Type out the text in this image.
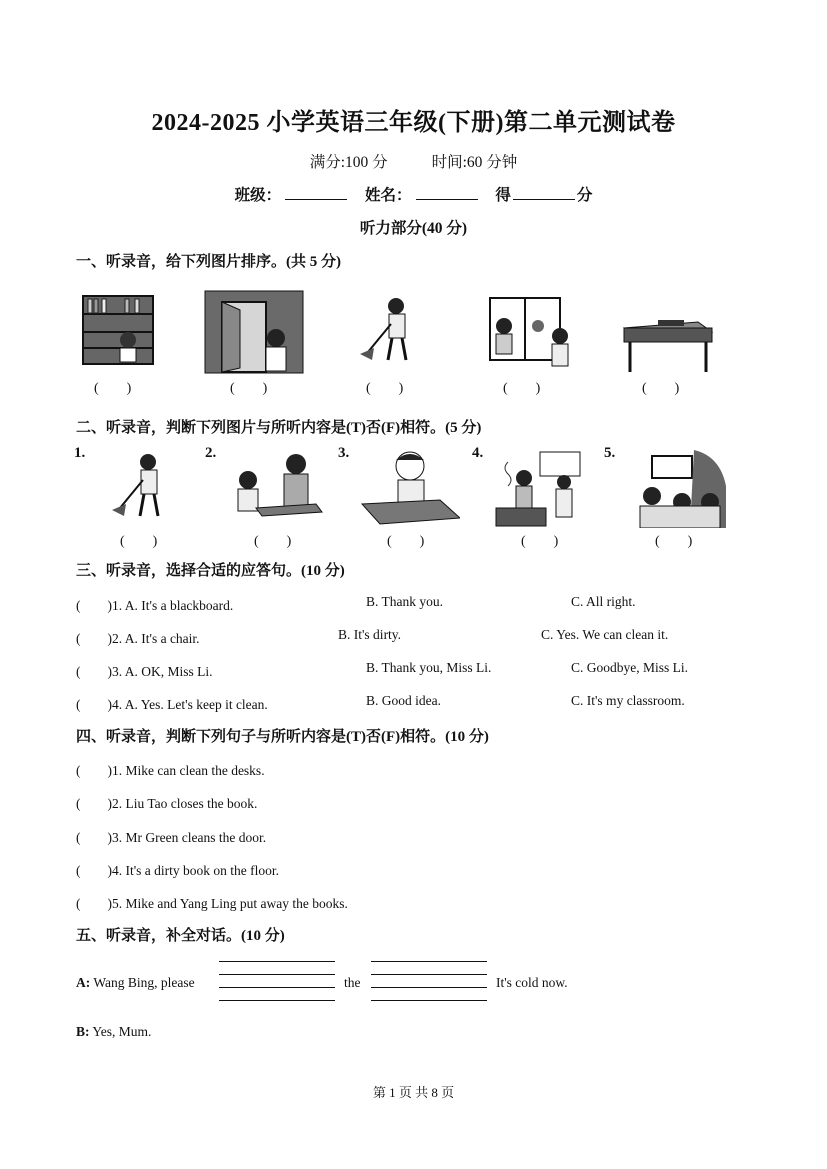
2024-2025 小学英语三年级(下册)第二单元测试卷
满分:100 分	时间:60 分钟
班级：	姓名：	得	分
听力部分(40 分)
一、听录音，给下列图片排序。(共 5 分)
(　　)	(　　)	(　　)	(　　)	(　　)
二、听录音，判断下列图片与所听内容是(T)否(F)相符。(5 分)
1.	2.	3.	4.	5.
(　　)	(　　)	(　　)	(　　)	(　　)
三、听录音，选择合适的应答句。(10 分)
(　　)1. A. It's a blackboard.	B. Thank you.	C. All right.
(　　)2. A. It's a chair.	B. It's dirty.	C. Yes. We can clean it.
(　　)3. A. OK, Miss Li.	B. Thank you, Miss Li.	C. Goodbye, Miss Li.
(　　)4. A. Yes. Let's keep it clean.	B. Good idea.	C. It's my classroom.
四、听录音，判断下列句子与所听内容是(T)否(F)相符。(10 分)
(　　)1. Mike can clean the desks.
(　　)2. Liu Tao closes the book.
(　　)3. Mr Green cleans the door.
(　　)4. It's a dirty book on the floor.
(　　)5. Mike and Yang Ling put away the books.
五、听录音，补全对话。(10 分)
A: Wang Bing, please	the	It's cold now.
B: Yes, Mum.
第 1 页 共 8 页
